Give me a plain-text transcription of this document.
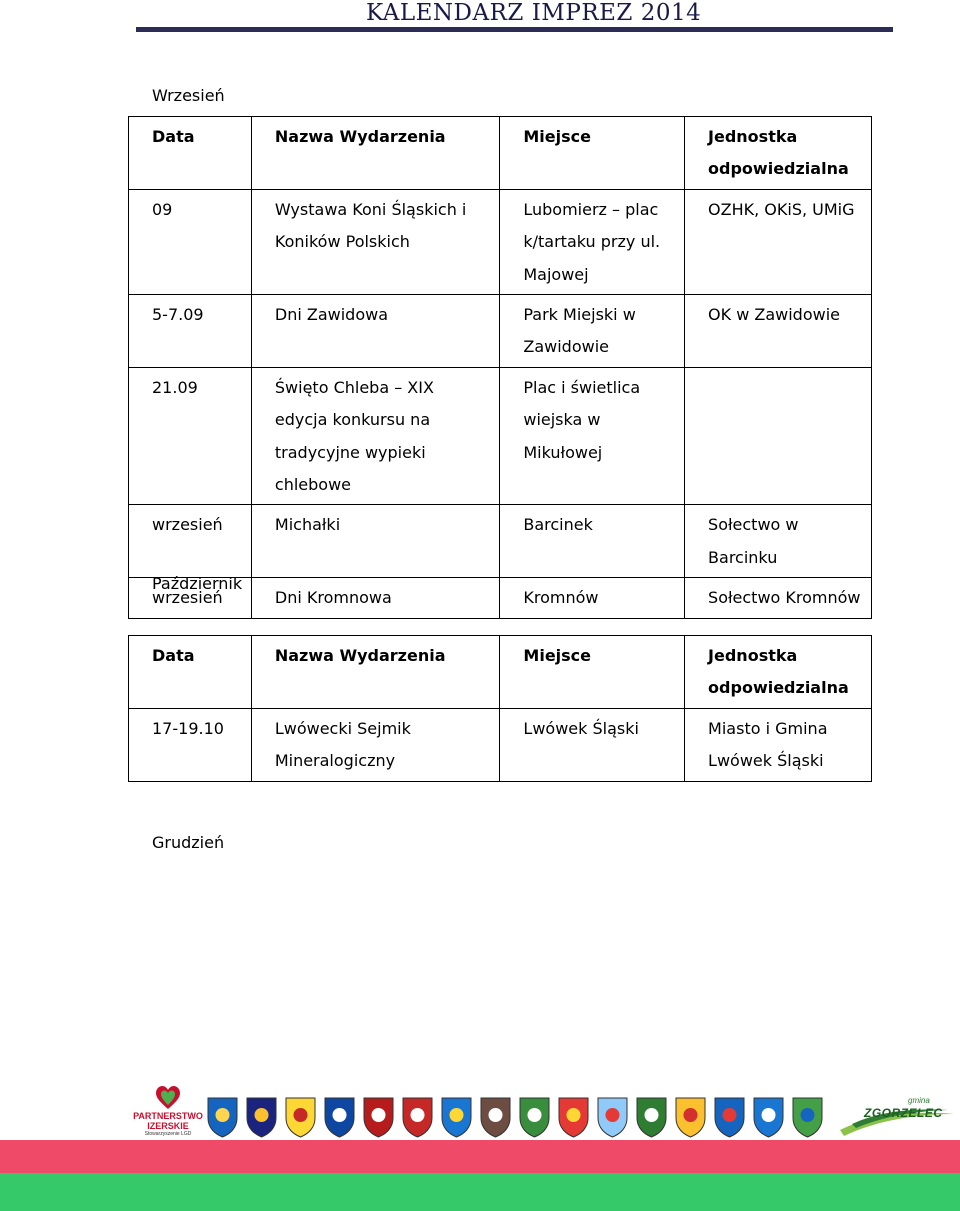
KALENDARZ IMPREZ 2014
Wrzesień
Data	Nazwa Wydarzenia	Miejsce	Jednostka odpowiedzialna
09	Wystawa Koni Śląskich i Koników Polskich	Lubomierz – plac k/tartaku przy ul. Majowej	OZHK, OKiS, UMiG
5-7.09	Dni Zawidowa	Park Miejski w Zawidowie	OK w Zawidowie
21.09	Święto Chleba – XIX edycja konkursu na tradycyjne wypieki chlebowe	Plac i świetlica wiejska w Mikułowej	
wrzesień	Michałki	Barcinek	Sołectwo w Barcinku
wrzesień	Dni Kromnowa	Kromnów	Sołectwo Kromnów
Październik
Data	Nazwa Wydarzenia	Miejsce	Jednostka odpowiedzialna
17-19.10	Lwówecki Sejmik Mineralogiczny	Lwówek Śląski	Miasto i Gmina Lwówek Śląski
Grudzień
PARTNERSTWO IZERSKIE
Stowarzyszenie LGD
gmina
ZGORZELEC
